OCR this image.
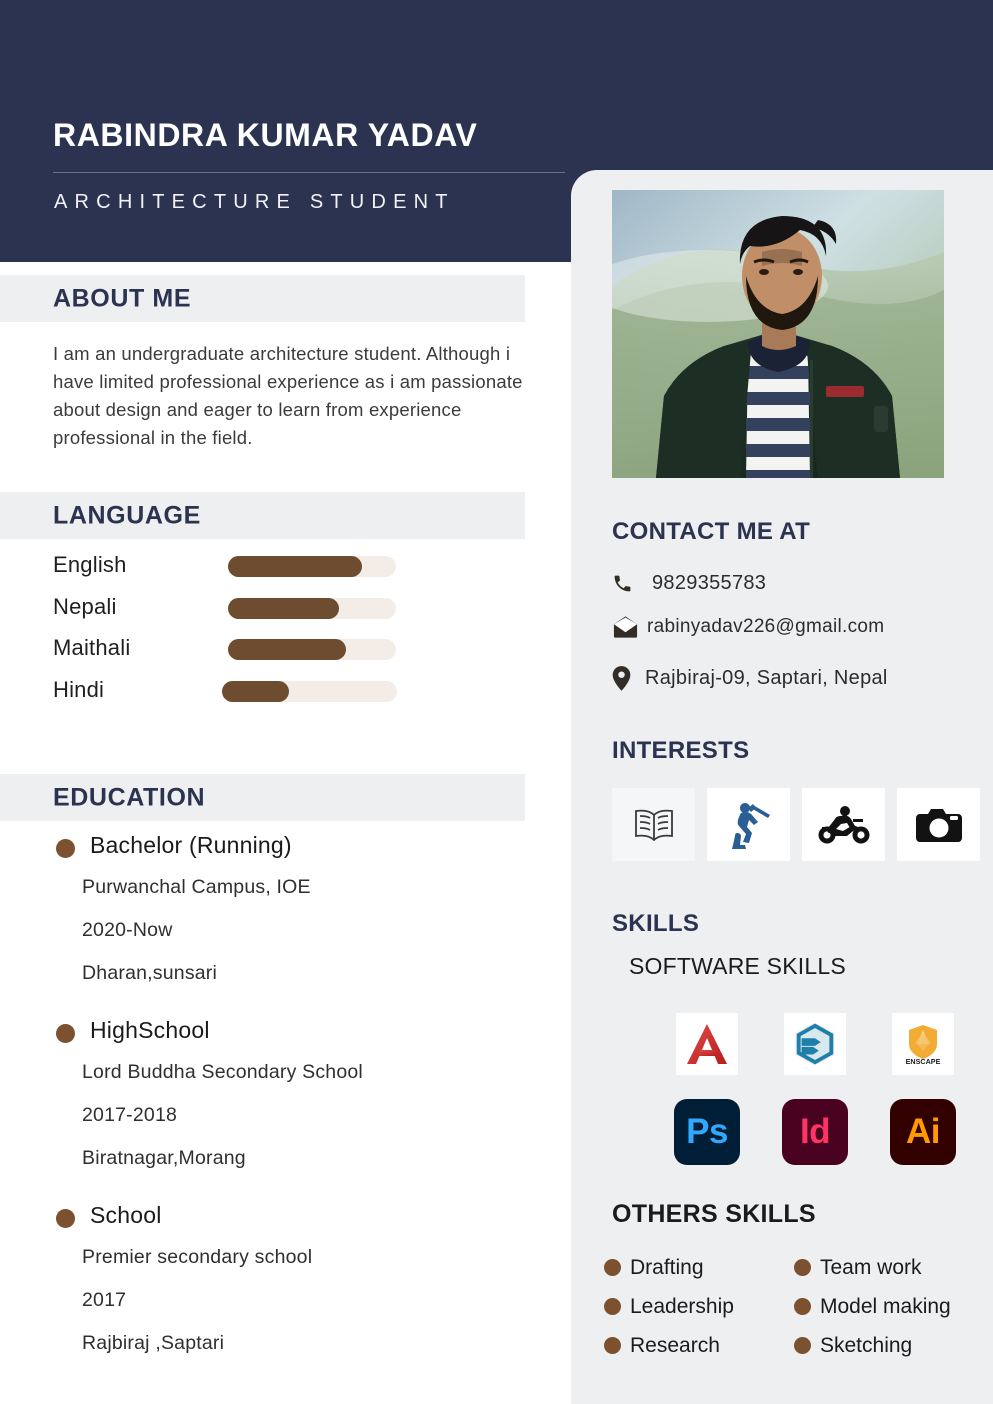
RABINDRA KUMAR YADAV
ARCHITECTURE STUDENT
ABOUT ME
I am an undergraduate architecture student. Although i have limited professional experience as i am passionate about design and eager to learn from experience professional in the field.
LANGUAGE
English
Nepali
Maithali
Hindi
EDUCATION
Bachelor (Running)
Purwanchal Campus, IOE
2020-Now
Dharan,sunsari
HighSchool
Lord Buddha Secondary School
2017-2018
Biratnagar,Morang
School
Premier secondary school
2017
Rajbiraj ,Saptari
CONTACT ME AT
9829355783
rabinyadav226@gmail.com
Rajbiraj-09, Saptari, Nepal
INTERESTS
SKILLS
SOFTWARE SKILLS
ENSCAPE
Ps	Id	Ai
OTHERS SKILLS
Drafting	Team work
Leadership	Model making
Research	Sketching
